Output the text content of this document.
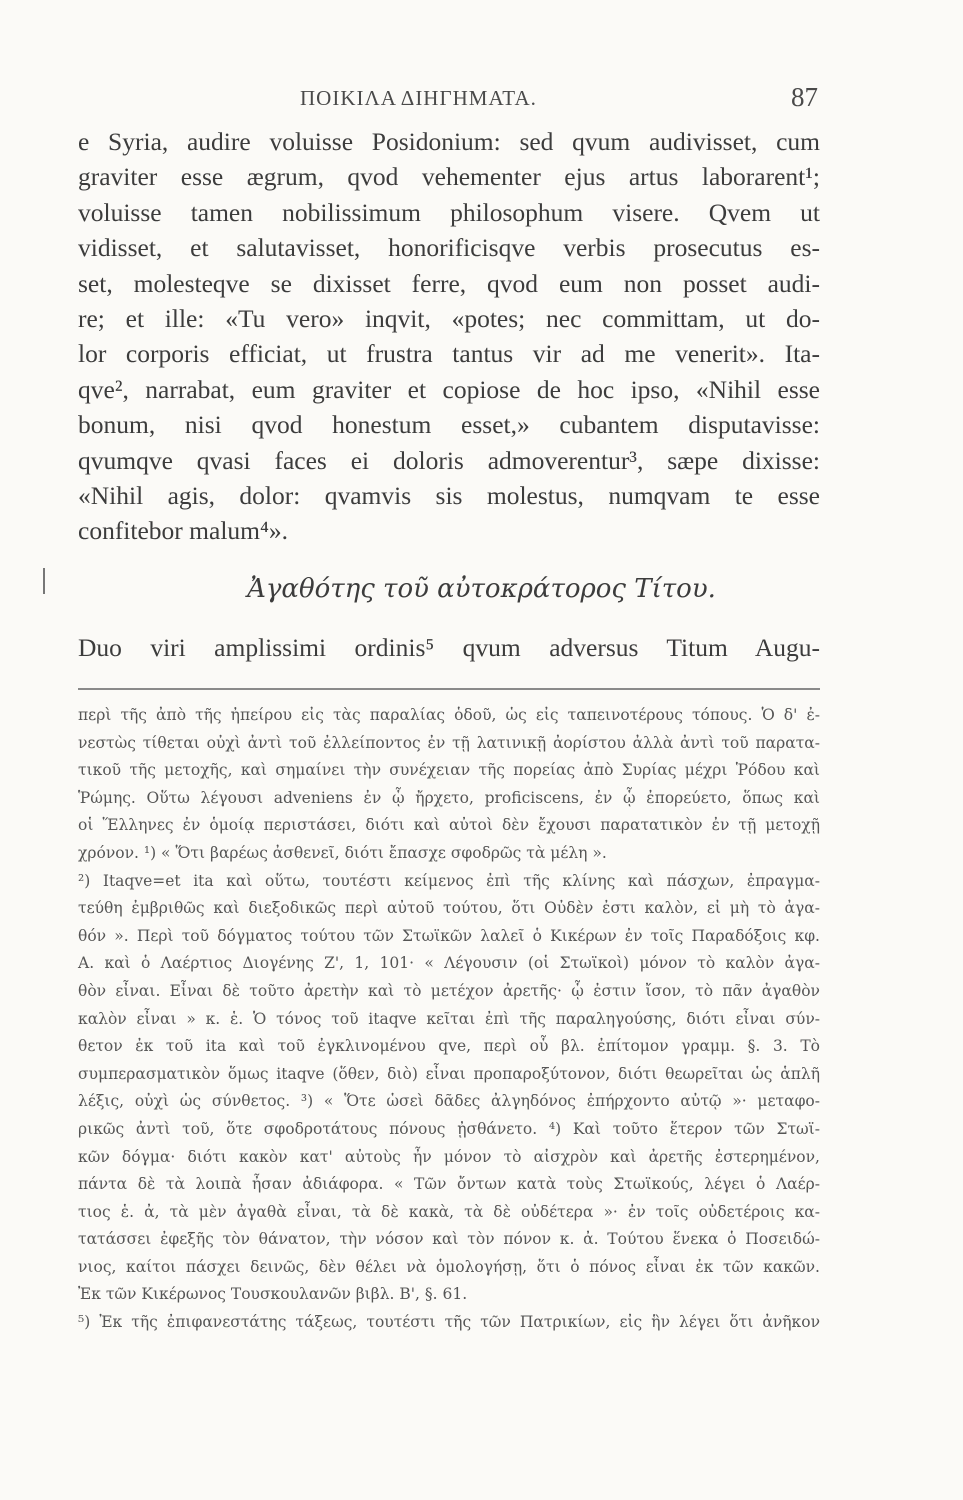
ΠΟΙΚΙΛΑ ΔΙΗΓΗΜΑΤΑ.	87
e Syria, audire voluisse Posidonium: sed qvum audivisset, cum
graviter esse ægrum, qvod vehementer ejus artus laborarent¹;
voluisse tamen nobilissimum philosophum visere. Qvem ut
vidisset, et salutavisset, honorificisqve verbis prosecutus es-
set, molesteqve se dixisset ferre, qvod eum non posset audi-
re; et ille: «Tu vero» inqvit, «potes; nec committam, ut do-
lor corporis efficiat, ut frustra tantus vir ad me venerit». Ita-
qve², narrabat, eum graviter et copiose de hoc ipso, «Nihil esse
bonum, nisi qvod honestum esset,» cubantem disputavisse:
qvumqve qvasi faces ei doloris admoverentur³, sæpe dixisse:
«Nihil agis, dolor: qvamvis sis molestus, numqvam te esse
confitebor malum⁴».
Ἀγαθότης τοῦ αὐτοκράτορος Τίτου.
Duo viri amplissimi ordinis⁵ qvum adversus Titum Augu-
περὶ τῆς ἀπὸ τῆς ἠπείρου εἰς τὰς παραλίας ὁδοῦ, ὡς εἰς ταπεινοτέρους τόπους. Ὁ δ' ἐ-
νεστὼς τίθεται οὐχὶ ἀντὶ τοῦ ἐλλείποντος ἐν τῇ λατινικῇ ἀορίστου ἀλλὰ ἀντὶ τοῦ παρατα-
τικοῦ τῆς μετοχῆς, καὶ σημαίνει τὴν συνέχειαν τῆς πορείας ἀπὸ Συρίας μέχρι Ῥόδου καὶ
Ῥώμης. Οὕτω λέγουσι adveniens ἐν ᾧ ἤρχετο, proficiscens, ἐν ᾧ ἐπορεύετο, ὅπως καὶ
οἱ Ἕλληνες ἐν ὁμοίᾳ περιστάσει, διότι καὶ αὐτοὶ δὲν ἔχουσι παρατατικὸν ἐν τῇ μετοχῇ
χρόνον. ¹) « Ὅτι βαρέως ἀσθενεῖ, διότι ἔπασχε σφοδρῶς τὰ μέλη ».
²) Itaqve=et ita καὶ οὕτω, τουτέστι κείμενος ἐπὶ τῆς κλίνης καὶ πάσχων, ἐπραγμα-
τεύθη ἐμβριθῶς καὶ διεξοδικῶς περὶ αὐτοῦ τούτου, ὅτι Οὐδὲν ἐστι καλὸν, εἰ μὴ τὸ ἀγα-
θόν ». Περὶ τοῦ δόγματος τούτου τῶν Στωϊκῶν λαλεῖ ὁ Κικέρων ἐν τοῖς Παραδόξοις κφ.
Α. καὶ ὁ Λαέρτιος Διογένης Ζ', 1, 101· « Λέγουσιν (οἱ Στωϊκοὶ) μόνον τὸ καλὸν ἀγα-
θὸν εἶναι. Εἶναι δὲ τοῦτο ἀρετὴν καὶ τὸ μετέχον ἀρετῆς· ᾧ ἐστιν ἴσον, τὸ πᾶν ἀγαθὸν
καλὸν εἶναι » κ. ἑ. Ὁ τόνος τοῦ itaqve κεῖται ἐπὶ τῆς παραληγούσης, διότι εἶναι σύν-
θετον ἐκ τοῦ ita καὶ τοῦ ἐγκλινομένου qve, περὶ οὗ βλ. ἐπίτομον γραμμ. §. 3. Τὸ
συμπερασματικὸν ὅμως itaqve (ὅθεν, διὸ) εἶναι προπαροξύτονον, διότι θεωρεῖται ὡς ἁπλῆ
λέξις, οὐχὶ ὡς σύνθετος. ³) « Ὅτε ὡσεὶ δᾶδες ἀλγηδόνος ἐπήρχοντο αὐτῷ »· μεταφο-
ρικῶς ἀντὶ τοῦ, ὅτε σφοδροτάτους πόνους ᾐσθάνετο. ⁴) Καὶ τοῦτο ἕτερον τῶν Στωϊ-
κῶν δόγμα· διότι κακὸν κατ' αὐτοὺς ἦν μόνον τὸ αἰσχρὸν καὶ ἀρετῆς ἐστερημένον,
πάντα δὲ τὰ λοιπὰ ἦσαν ἀδιάφορα. « Τῶν ὄντων κατὰ τοὺς Στωϊκούς, λέγει ὁ Λαέρ-
τιος ἑ. ἀ, τὰ μὲν ἀγαθὰ εἶναι, τὰ δὲ κακὰ, τὰ δὲ οὐδέτερα »· ἐν τοῖς οὐδετέροις κα-
τατάσσει ἐφεξῆς τὸν θάνατον, τὴν νόσον καὶ τὸν πόνον κ. ἀ. Τούτου ἕνεκα ὁ Ποσειδώ-
νιος, καίτοι πάσχει δεινῶς, δὲν θέλει νὰ ὁμολογήσῃ, ὅτι ὁ πόνος εἶναι ἐκ τῶν κακῶν.
Ἐκ τῶν Κικέρωνος Τουσκουλανῶν βιβλ. Β', §. 61.
⁵) Ἐκ τῆς ἐπιφανεστάτης τάξεως, τουτέστι τῆς τῶν Πατρικίων, εἰς ἣν λέγει ὅτι ἀνῆκον
